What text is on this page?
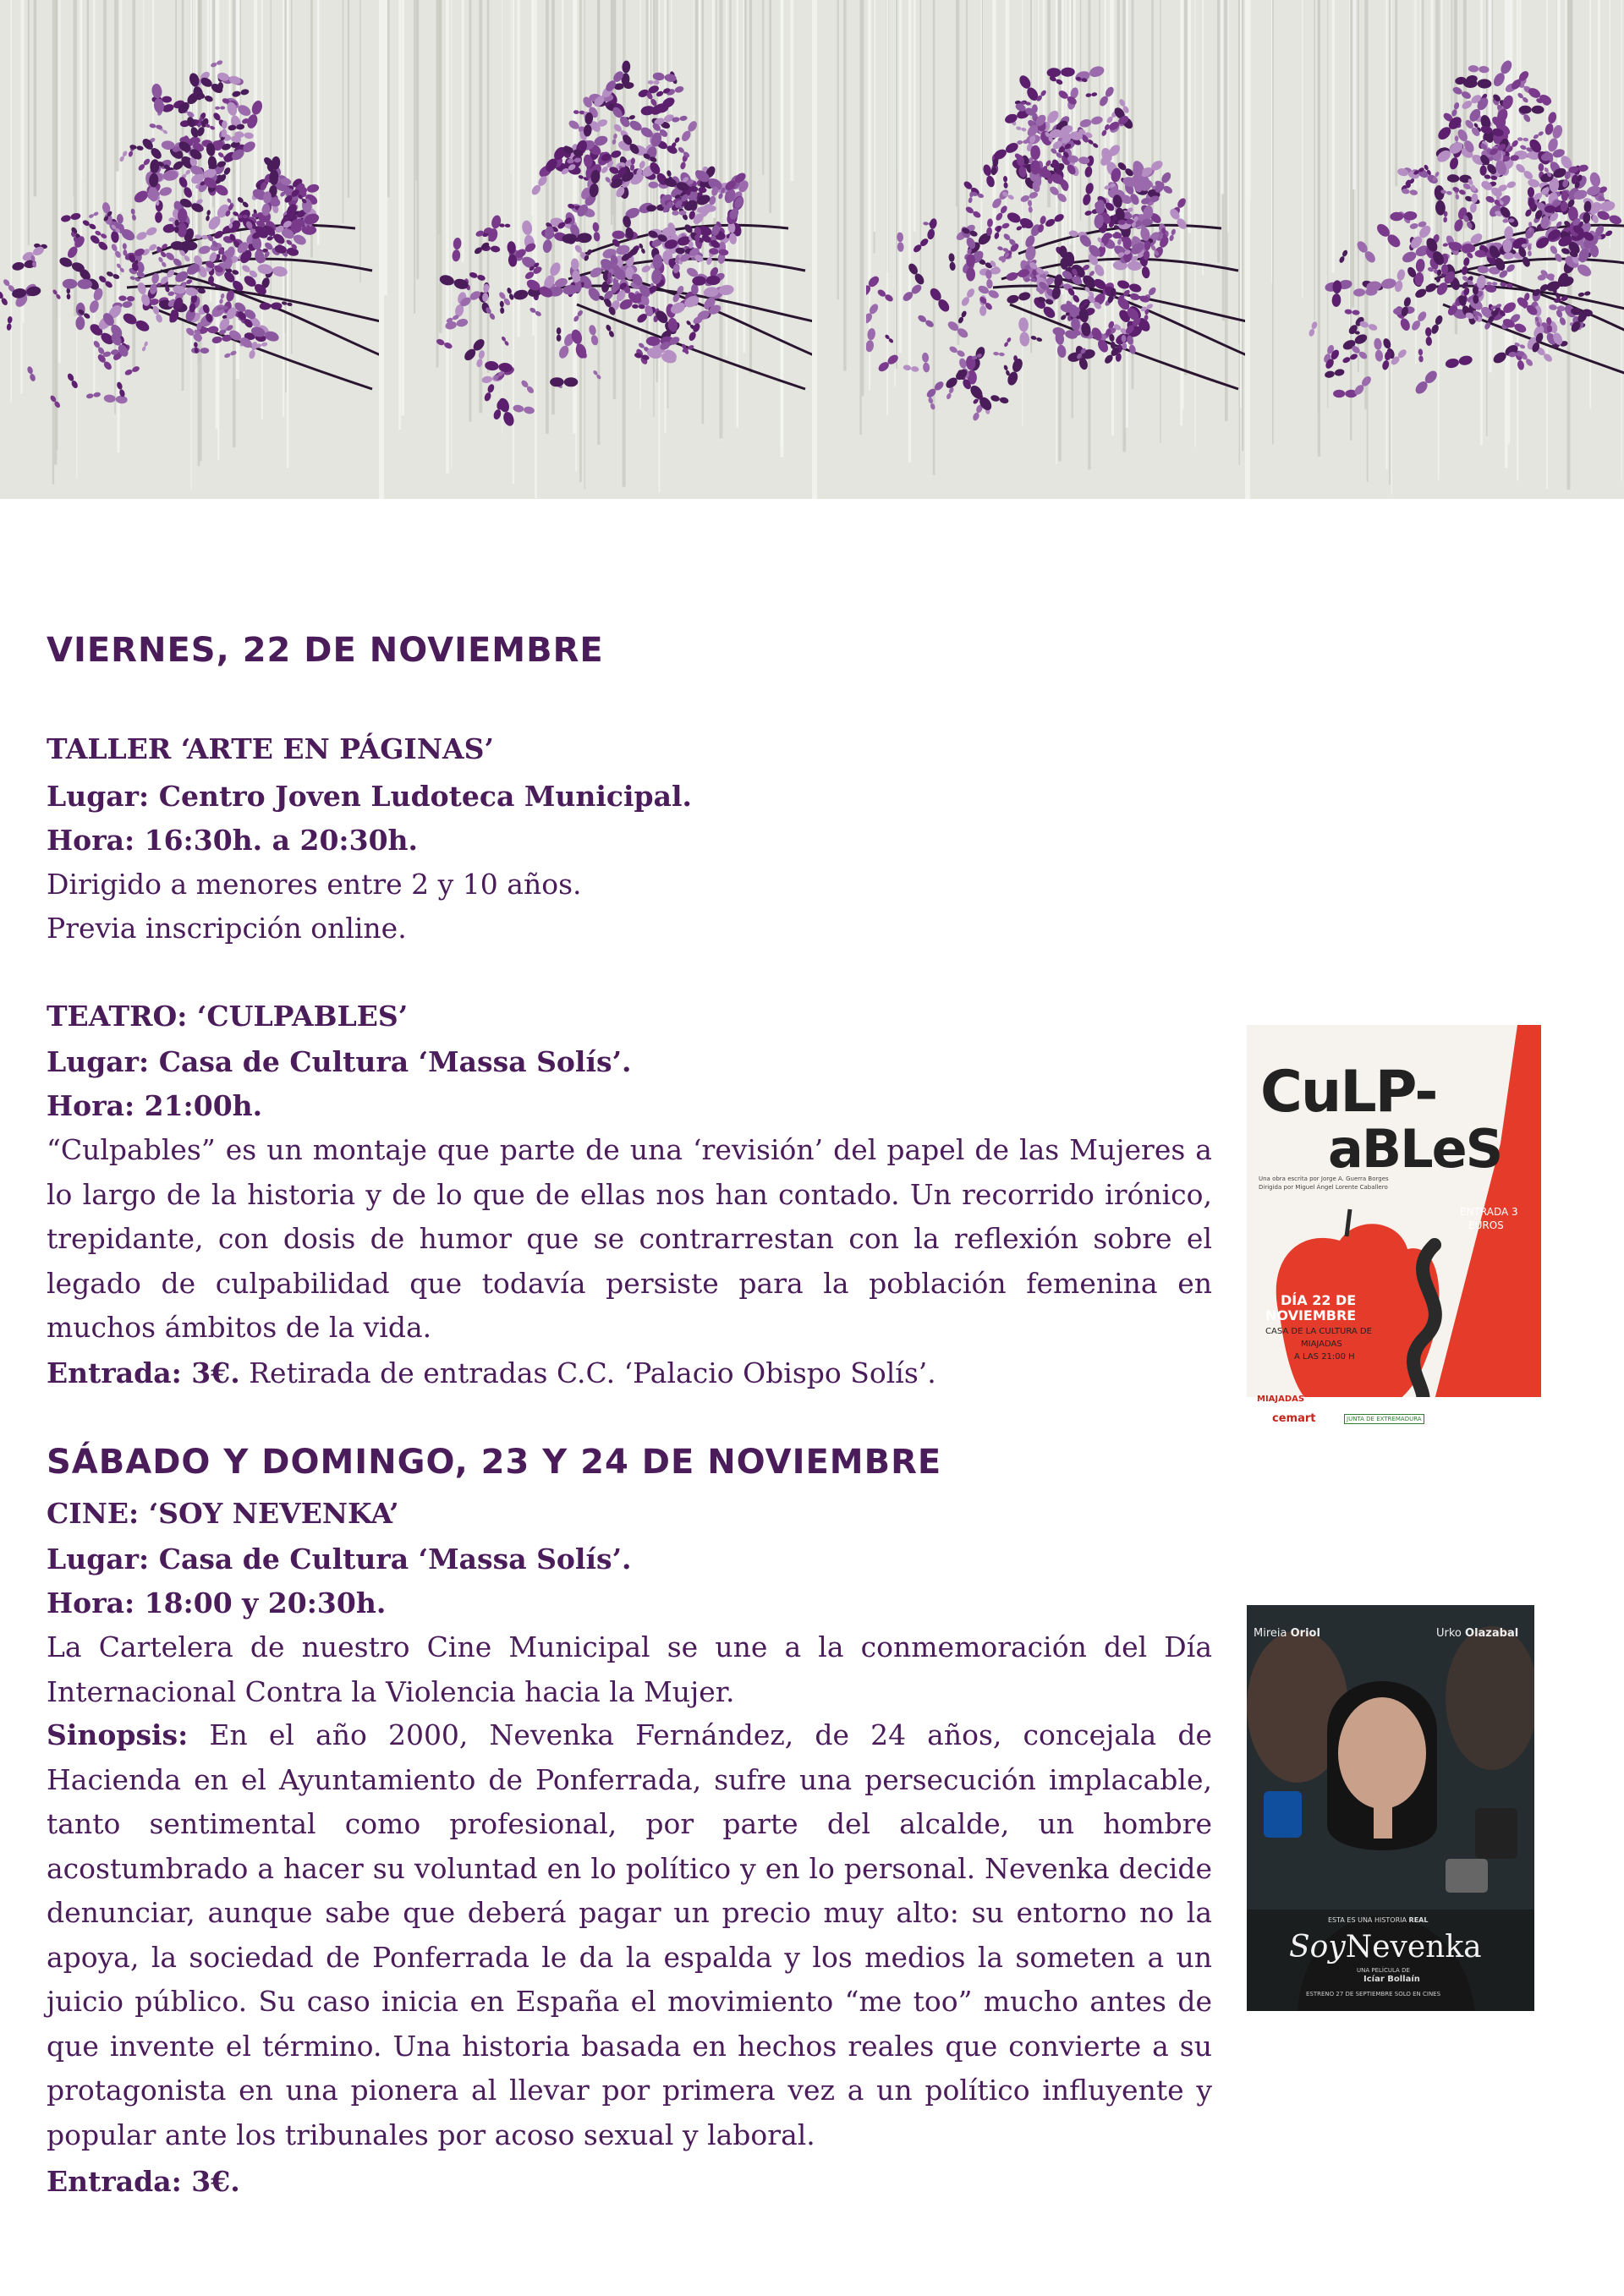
VIERNES, 22 DE NOVIEMBRE

TALLER ‘ARTE EN PÁGINAS’

Lugar: Centro Joven Ludoteca Municipal.

Hora: 16:30h. a 20:30h.

Dirigido a menores entre 2 y 10 años.

Previa inscripción online.

TEATRO: ‘CULPABLES’

Lugar: Casa de Cultura ‘Massa Solís’.

Hora: 21:00h.

“Culpables” es un montaje que parte de una ‘revisión’ del papel de las Mujeres a lo largo de la historia y de lo que de ellas nos han contado. Un recorrido irónico, trepidante, con dosis de humor que se contrarrestan con la reflexión sobre el legado de culpabilidad que todavía persiste para la población femenina en muchos ámbitos de la vida.

Entrada: 3€. Retirada de entradas C.C. ‘Palacio Obispo Solís’.

CuLP-

aBLeS

Una obra escrita por Jorge A. Guerra Borges

Dirigida por Miguel Ángel Lorente Caballero

ENTRADA 3

EUROS

DÍA 22 DE

NOVIEMBRE

CASA DE LA CULTURA DE

MIAJADAS

A LAS 21:00 H

MIAJADAS

cemart	JUNTA DE EXTREMADURA

SÁBADO Y DOMINGO, 23 Y 24 DE NOVIEMBRE

CINE: ‘SOY NEVENKA’

Lugar: Casa de Cultura ‘Massa Solís’.

Hora: 18:00 y 20:30h.

La Cartelera de nuestro Cine Municipal se une a la conmemoración del Día Internacional Contra la Violencia hacia la Mujer.

Sinopsis: En el año 2000, Nevenka Fernández, de 24 años, concejala de Hacienda en el Ayuntamiento de Ponferrada, sufre una persecución implacable, tanto sentimental como profesional, por parte del alcalde, un hombre acostumbrado a hacer su voluntad en lo político y en lo personal. Nevenka decide denunciar, aunque sabe que deberá pagar un precio muy alto: su entorno no la apoya, la sociedad de Ponferrada le da la espalda y los medios la someten a un juicio público. Su caso inicia en España el movimiento “me too” mucho antes de que invente el término. Una historia basada en hechos reales que convierte a su protagonista en una pionera al llevar por primera vez a un político influyente y popular ante los tribunales por acoso sexual y laboral.

Entrada: 3€.

Mireia Oriol	Urko Olazabal

ESTA ES UNA HISTORIA REAL

SoyNevenka

UNA PELÍCULA DE

Icíar Bollaín

ESTRENO 27 DE SEPTIEMBRE SOLO EN CINES
